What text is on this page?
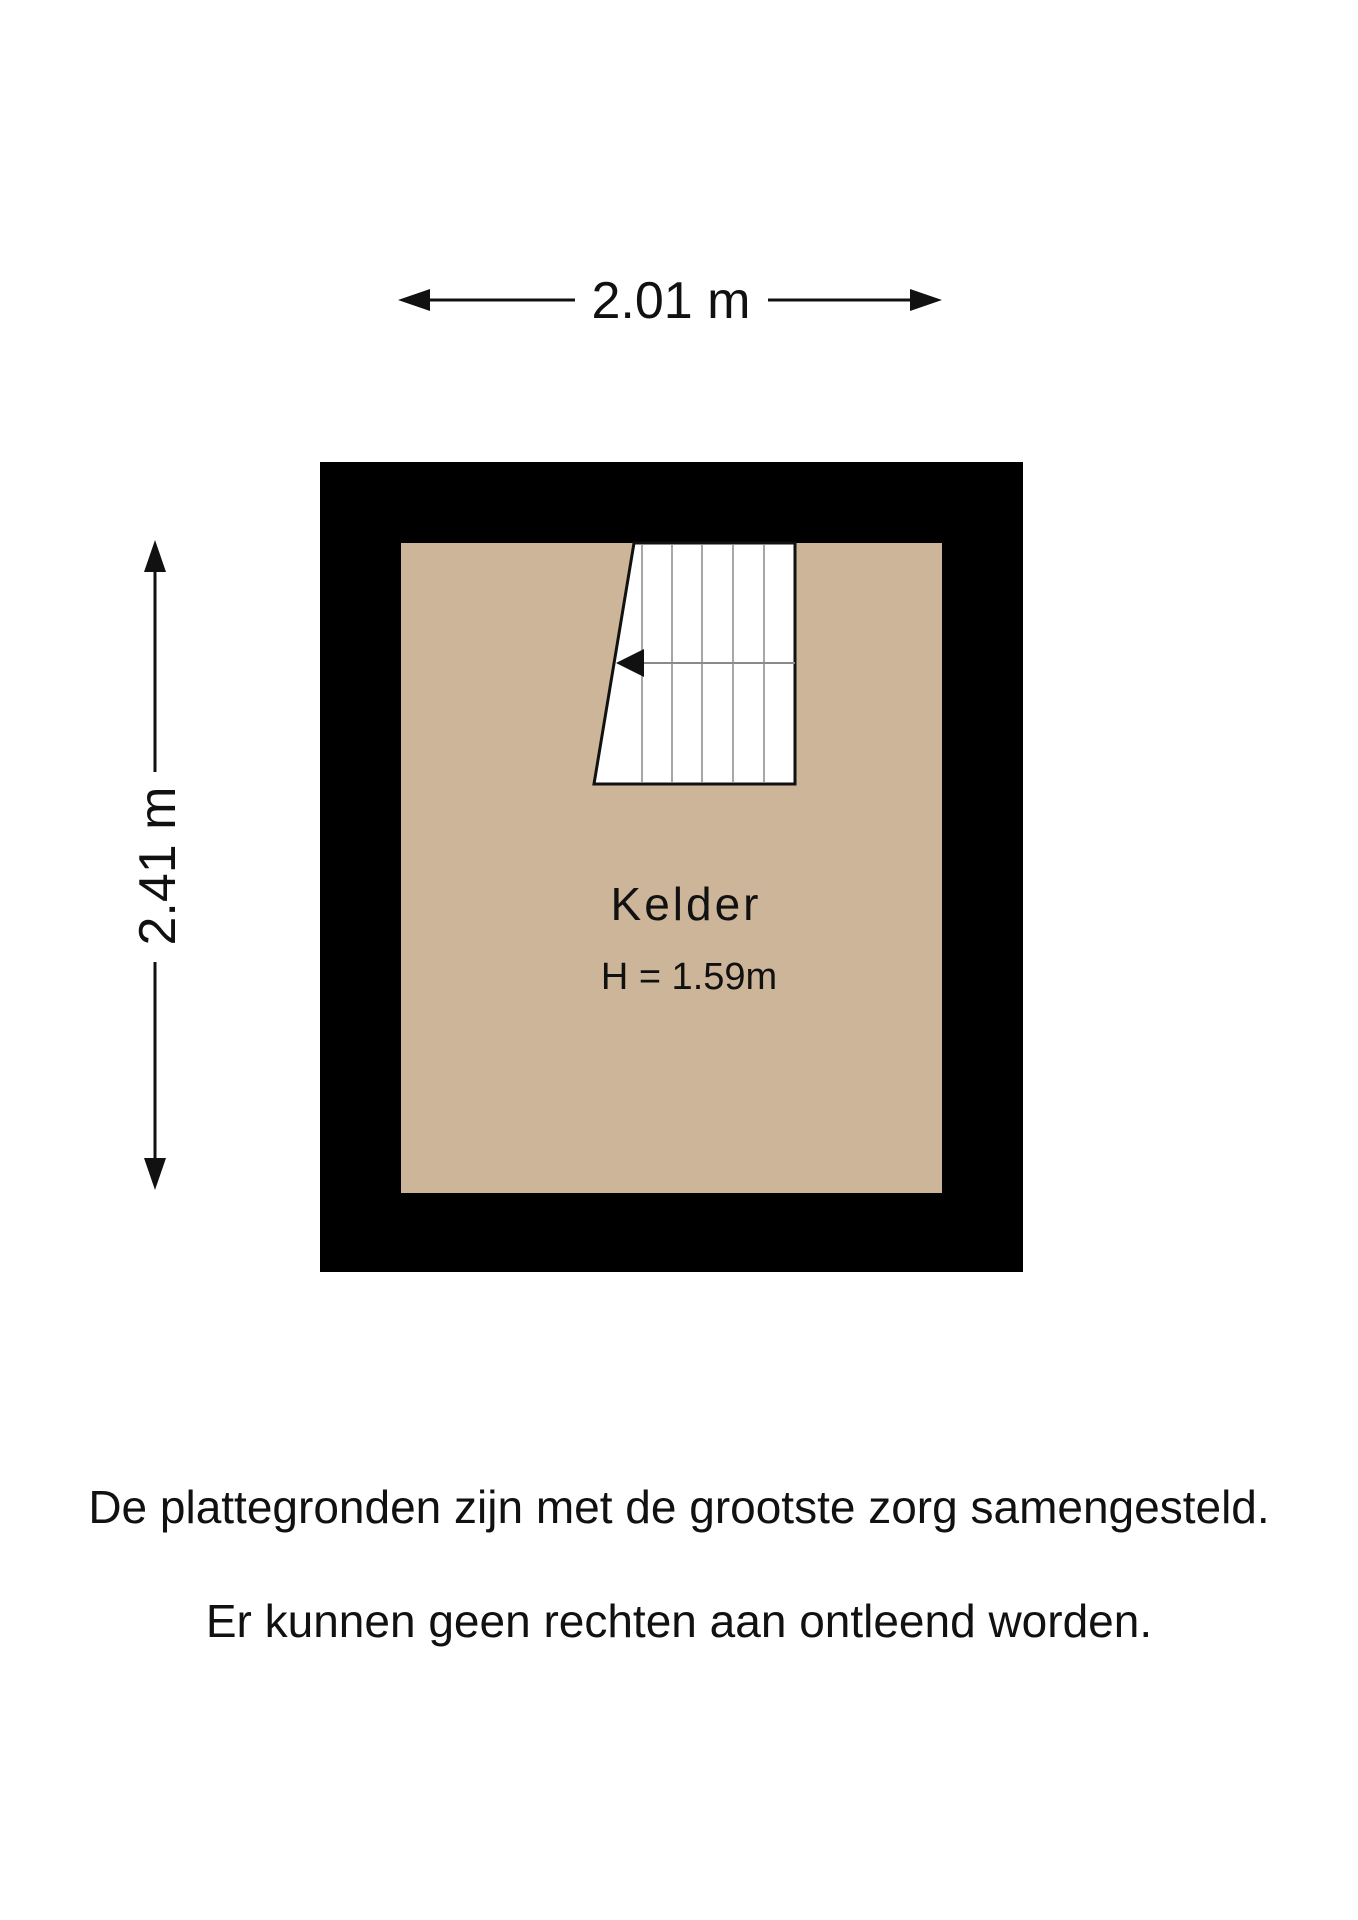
2.01 m
2.41 m	Kelder
H = 1.59m
De plattegronden zijn met de grootste zorg samengesteld.
Er kunnen geen rechten aan ontleend worden.
